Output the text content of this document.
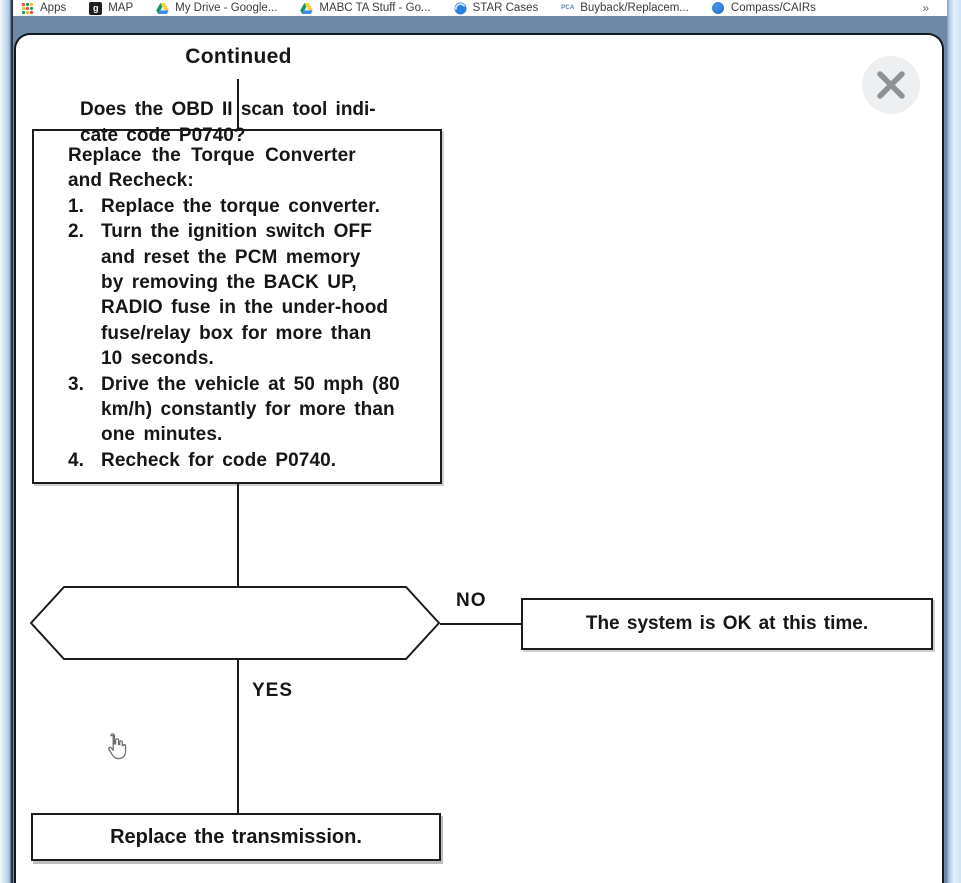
Apps	g MAP	My Drive - Google...	MABC TA Stuff - Go...	STAR Cases	PCA Buyback/Replacem...	Compass/CAIRs	»
Continued
Replace the Torque Converter
and Recheck:
1. Replace the torque converter.
2. Turn the ignition switch OFF
and reset the PCM memory
by removing the BACK UP,
RADIO fuse in the under-hood
fuse/relay box for more than
10 seconds.
3. Drive the vehicle at 50 mph (80
km/h) constantly for more than
one minutes.
4. Recheck for code P0740.
Does the OBD II scan tool indi-
cate code P0740?
NO
The system is OK at this time.
YES
Replace the transmission.
